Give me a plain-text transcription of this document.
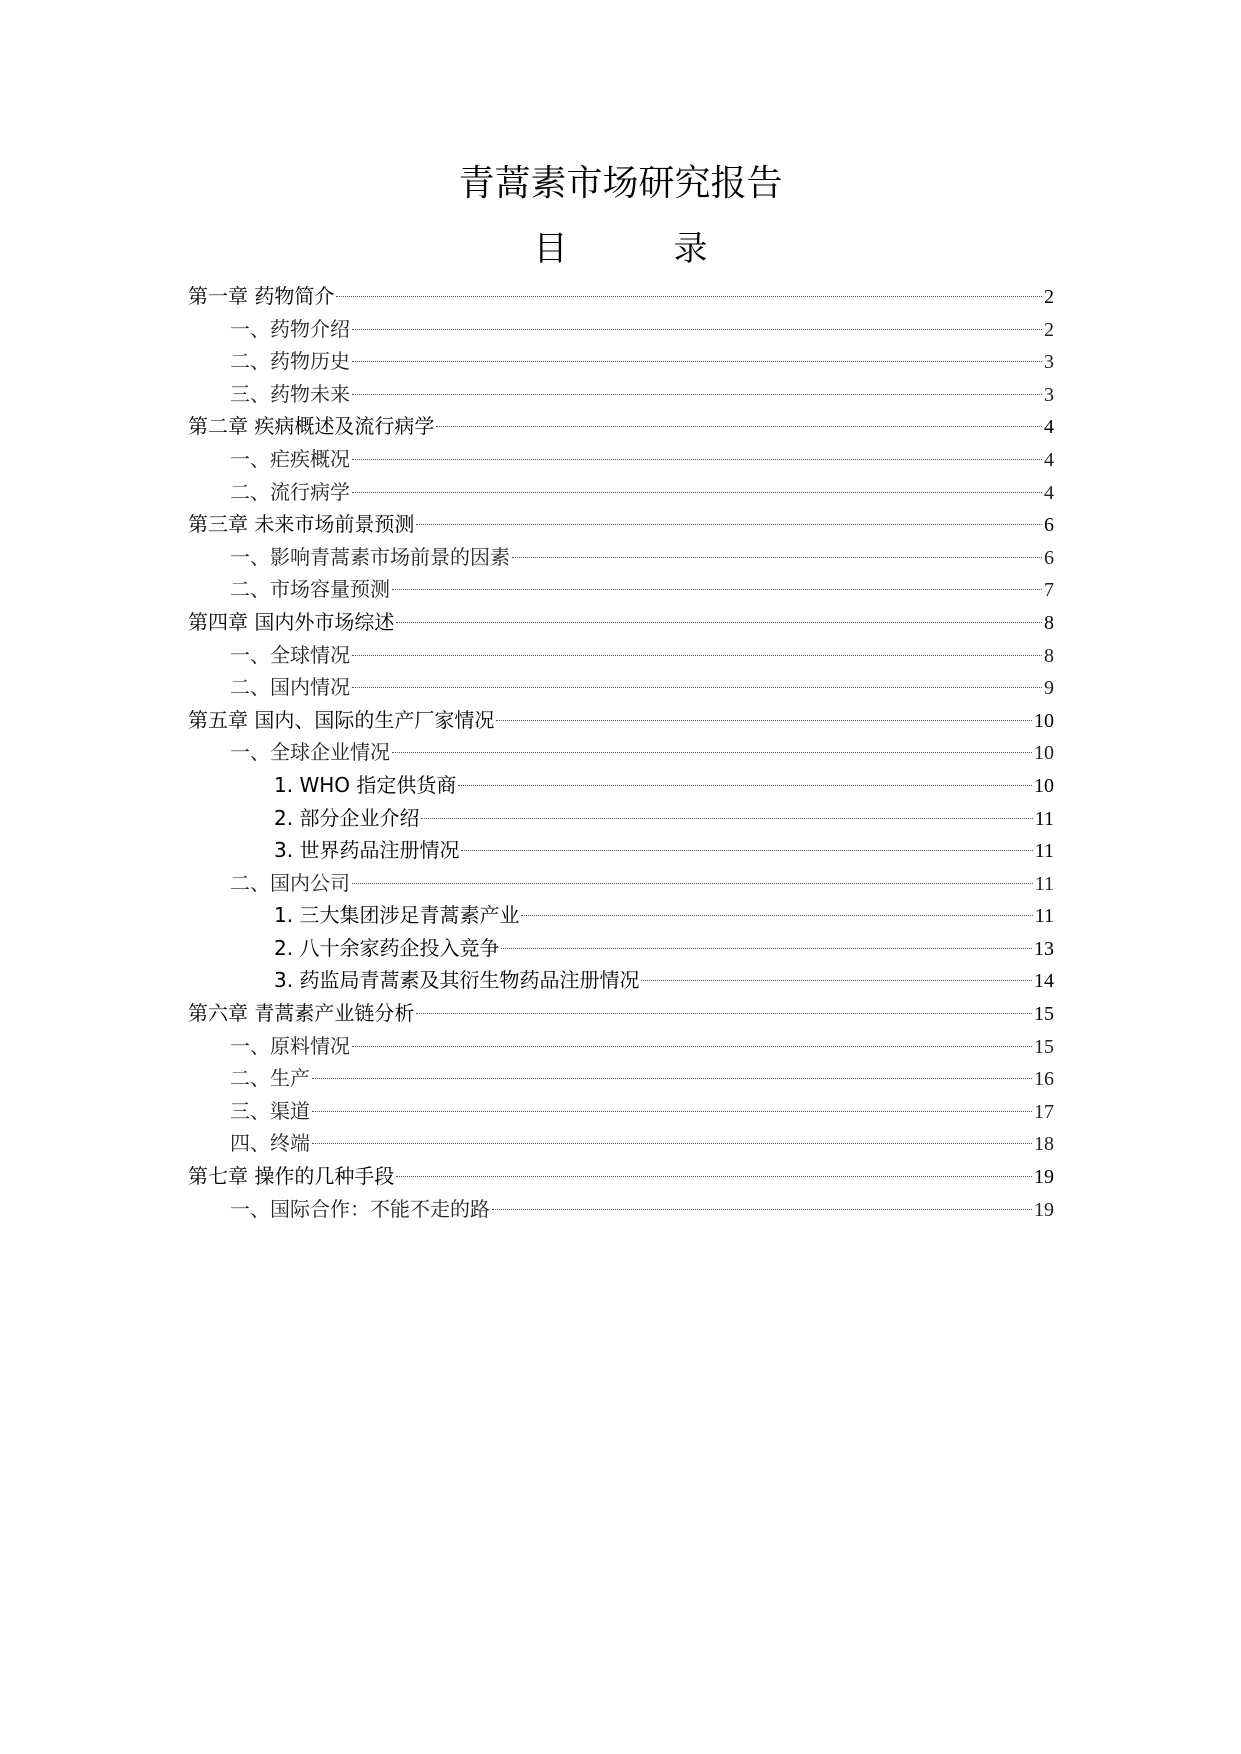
青蒿素市场研究报告
目　录
第一章 药物简介	2
一、药物介绍	2
二、药物历史	3
三、药物未来	3
第二章 疾病概述及流行病学	4
一、疟疾概况	4
二、流行病学	4
第三章 未来市场前景预测	6
一、影响青蒿素市场前景的因素	6
二、市场容量预测	7
第四章 国内外市场综述	8
一、全球情况	8
二、国内情况	9
第五章 国内、国际的生产厂家情况	10
一、全球企业情况	10
1. WHO 指定供货商	10
2. 部分企业介绍	11
3. 世界药品注册情况	11
二、国内公司	11
1. 三大集团涉足青蒿素产业	11
2. 八十余家药企投入竞争	13
3. 药监局青蒿素及其衍生物药品注册情况	14
第六章 青蒿素产业链分析	15
一、原料情况	15
二、生产	16
三、渠道	17
四、终端	18
第七章 操作的几种手段	19
一、国际合作：不能不走的路	19
